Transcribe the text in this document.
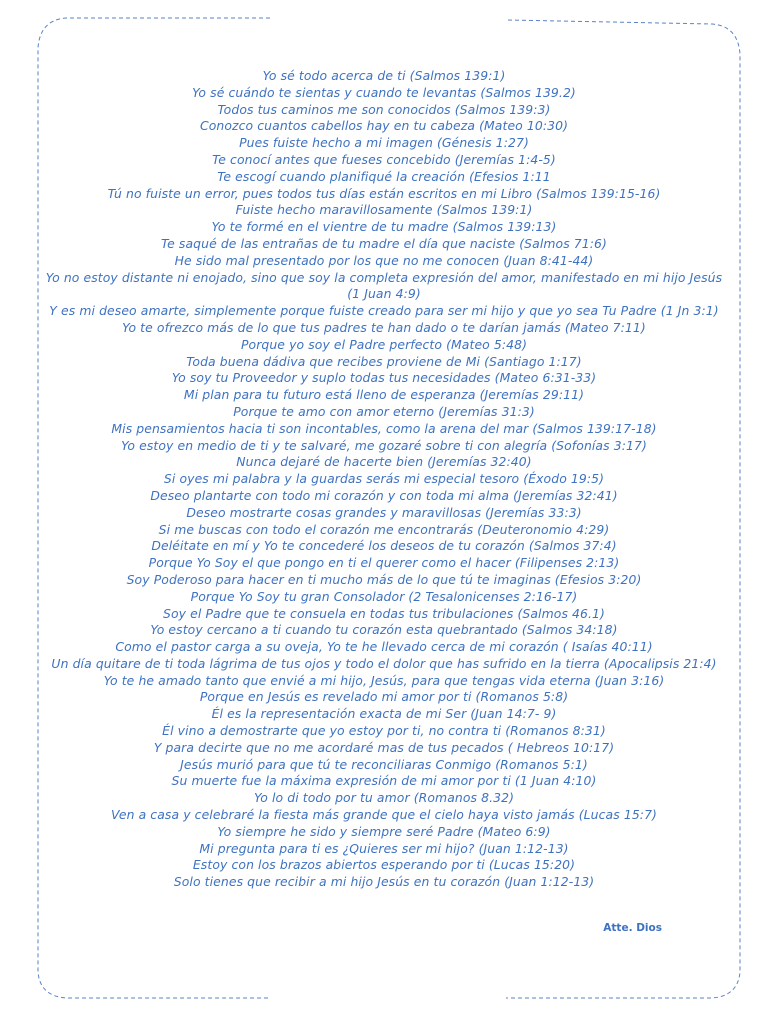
Yo sé todo acerca de ti (Salmos 139:1)
Yo sé cuándo te sientas y cuando te levantas (Salmos 139.2)
Todos tus caminos me son conocidos (Salmos 139:3)
Conozco cuantos cabellos hay en tu cabeza (Mateo 10:30)
Pues fuiste hecho a mi imagen (Génesis 1:27)
Te conocí antes que fueses concebido (Jeremías 1:4-5)
Te escogí cuando planifiqué la creación (Efesios 1:11
Tú no fuiste un error, pues todos tus días están escritos en mi Libro (Salmos 139:15-16)
Fuiste hecho maravillosamente (Salmos 139:1)
Yo te formé en el vientre de tu madre (Salmos 139:13)
Te saqué de las entrañas de tu madre el día que naciste (Salmos 71:6)
He sido mal presentado por los que no me conocen (Juan 8:41-44)
Yo no estoy distante ni enojado, sino que soy la completa expresión del amor, manifestado en mi hijo Jesús (1 Juan 4:9)
Y es mi deseo amarte, simplemente porque fuiste creado para ser mi hijo y que yo sea Tu Padre (1 Jn 3:1)
Yo te ofrezco más de lo que tus padres te han dado o te darían jamás (Mateo 7:11)
Porque yo soy el Padre perfecto (Mateo 5:48)
Toda buena dádiva que recibes proviene de Mi (Santiago 1:17)
Yo soy tu Proveedor y suplo todas tus necesidades (Mateo 6:31-33)
Mi plan para tu futuro está lleno de esperanza (Jeremías 29:11)
Porque te amo con amor eterno (Jeremías 31:3)
Mis pensamientos hacia ti son incontables, como la arena del mar (Salmos 139:17-18)
Yo estoy en medio de ti y te salvaré, me gozaré sobre ti con alegría (Sofonías 3:17)
Nunca dejaré de hacerte bien (Jeremías 32:40)
Si oyes mi palabra y la guardas serás mi especial tesoro (Éxodo 19:5)
Deseo plantarte con todo mi corazón y con toda mi alma (Jeremías 32:41)
Deseo mostrarte cosas grandes y maravillosas (Jeremías 33:3)
Si me buscas con todo el corazón me encontrarás (Deuteronomio 4:29)
Deléitate en mí y Yo te concederé los deseos de tu corazón (Salmos 37:4)
Porque Yo Soy el que pongo en ti el querer como el hacer (Filipenses 2:13)
Soy Poderoso para hacer en ti mucho más de lo que tú te imaginas (Efesios 3:20)
Porque Yo Soy tu gran Consolador (2 Tesalonicenses 2:16-17)
Soy el Padre que te consuela en todas tus tribulaciones (Salmos 46.1)
Yo estoy cercano a ti cuando tu corazón esta quebrantado (Salmos 34:18)
Como el pastor carga a su oveja, Yo te he llevado cerca de mi corazón ( Isaías 40:11)
Un día quitare de ti toda lágrima de tus ojos y todo el dolor que has sufrido en la tierra (Apocalipsis 21:4)
Yo te he amado tanto que envié a mi hijo, Jesús, para que tengas vida eterna (Juan 3:16)
Porque en Jesús es revelado mi amor por ti (Romanos 5:8)
Él es la representación exacta de mi Ser (Juan 14:7- 9)
Él vino a demostrarte que yo estoy por ti, no contra ti (Romanos 8:31)
Y para decirte que no me acordaré mas de tus pecados ( Hebreos 10:17)
Jesús murió para que tú te reconciliaras Conmigo (Romanos 5:1)
Su muerte fue la máxima expresión de mi amor por ti (1 Juan 4:10)
Yo lo di todo por tu amor (Romanos 8.32)
Ven a casa y celebraré la fiesta más grande que el cielo haya visto jamás (Lucas 15:7)
Yo siempre he sido y siempre seré Padre (Mateo 6:9)
Mi pregunta para ti es ¿Quieres ser mi hijo? (Juan 1:12-13)
Estoy con los brazos abiertos esperando por ti (Lucas 15:20)
Solo tienes que recibir a mi hijo Jesús en tu corazón (Juan 1:12-13)
Atte. Dios
